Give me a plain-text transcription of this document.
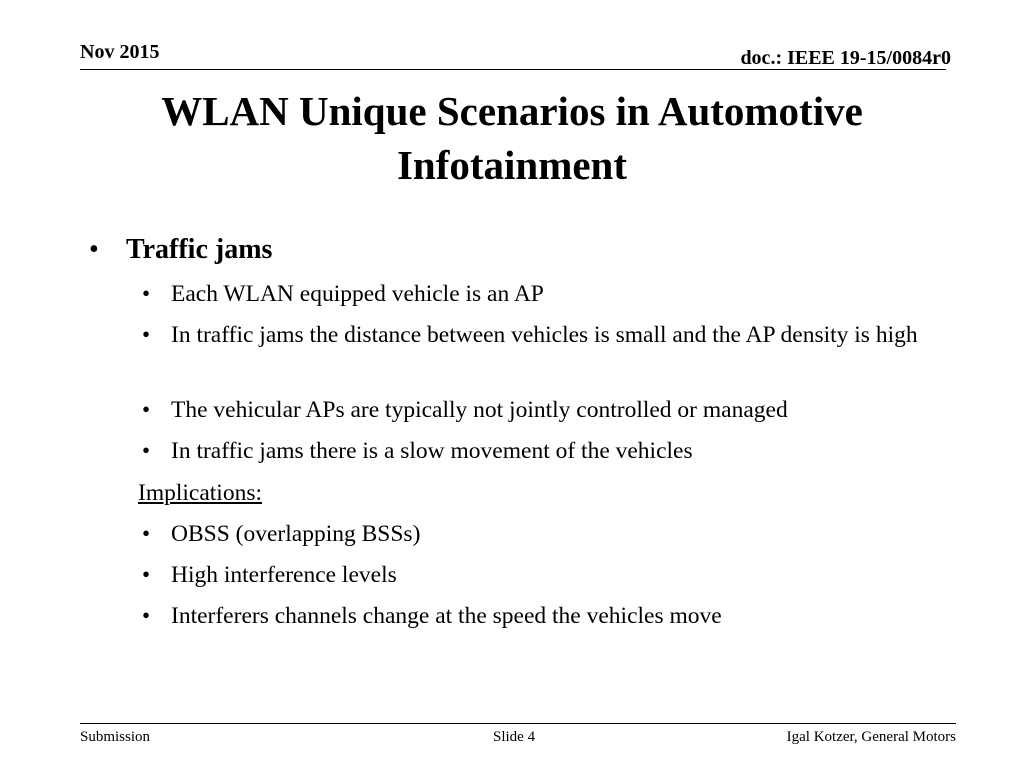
Nov 2015	doc.: IEEE 19-15/0084r0
WLAN Unique Scenarios in Automotive Infotainment
• Traffic jams
• Each WLAN equipped vehicle is an AP
• In traffic jams the distance between vehicles is small and the AP density is high
• The vehicular APs are typically not jointly controlled or managed
• In traffic jams there is a slow movement of the vehicles
Implications:
• OBSS (overlapping BSSs)
• High interference levels
• Interferers channels change at the speed the vehicles move
Submission	Slide 4	Igal Kotzer, General Motors
